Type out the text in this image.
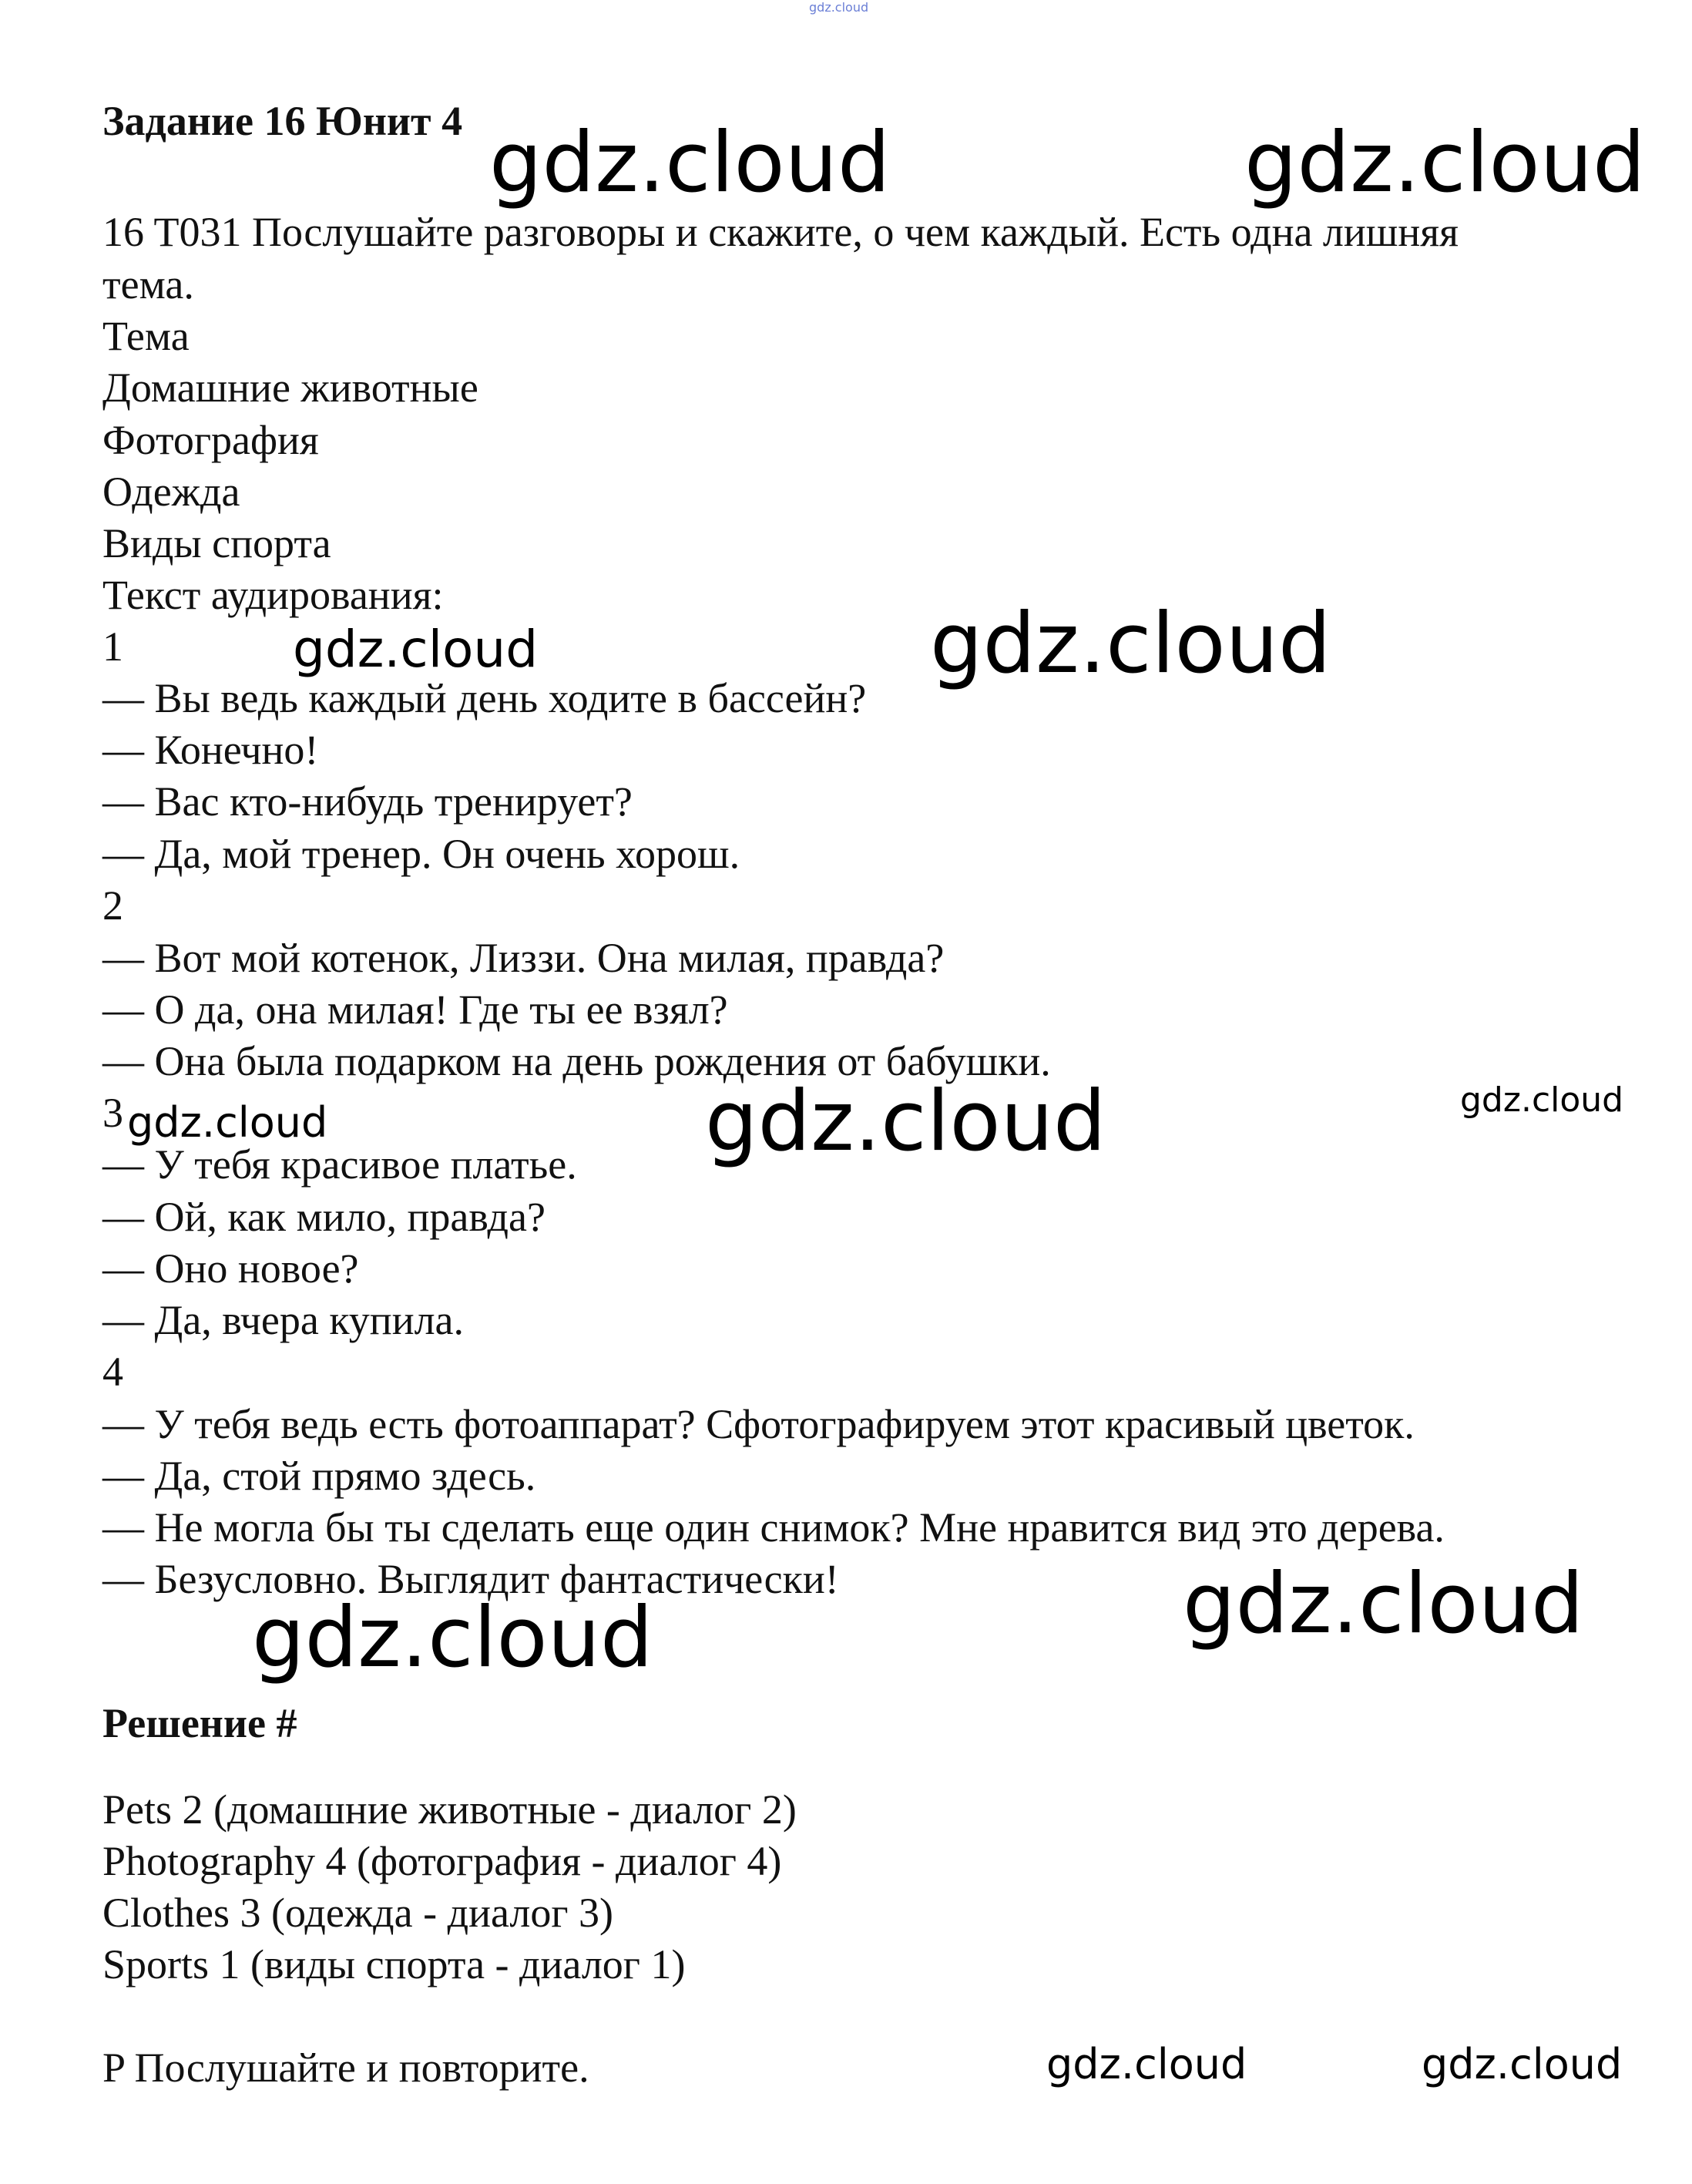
gdz.cloud
Задание 16 Юнит 4
16 T031 Послушайте разговоры и скажите, о чем каждый. Есть одна лишняя
тема.
Тема
Домашние животные
Фотография
Одежда
Виды спорта
Текст аудирования:
1
— Вы ведь каждый день ходите в бассейн?
— Конечно!
— Вас кто-нибудь тренирует?
— Да, мой тренер. Он очень хорош.
2
— Вот мой котенок, Лиззи. Она милая, правда?
— О да, она милая! Где ты ее взял?
— Она была подарком на день рождения от бабушки.
3
— У тебя красивое платье.
— Ой, как мило, правда?
— Оно новое?
— Да, вчера купила.
4
— У тебя ведь есть фотоаппарат? Сфотографируем этот красивый цветок.
— Да, стой прямо здесь.
— Не могла бы ты сделать еще один снимок? Мне нравится вид это дерева.
— Безусловно. Выглядит фантастически!
Решение #
Pets 2 (домашние животные - диалог 2)
Photography 4 (фотография - диалог 4)
Clothes 3 (одежда - диалог 3)
Sports 1 (виды спорта - диалог 1)
P Послушайте и повторите.
gdz.cloud	gdz.cloud
gdz.cloud	gdz.cloud
gdz.cloud	gdz.cloud	gdz.cloud
gdz.cloud
gdz.cloud
gdz.cloud	gdz.cloud
